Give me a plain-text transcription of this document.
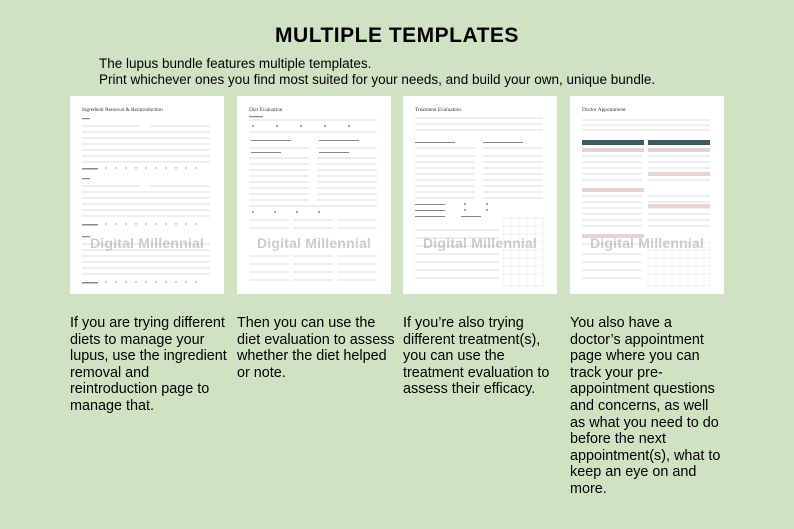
MULTIPLE TEMPLATES
The lupus bundle features multiple templates.
Print whichever ones you find most suited for your needs, and build your own, unique bundle.
Ingredient Removal & Reintroduction
Digital Millennial
Diet Evaluation
Digital Millennial
Treatment Evaluation
Digital Millennial
Doctor Appointment
Digital Millennial
If you are trying different diets to manage your lupus, use the ingredient removal and reintroduction page to manage that.
Then you can use the diet evaluation to assess whether the diet helped or note.
If you’re also trying different treatment(s), you can use the treatment evaluation to assess their efficacy.
You also have a doctor’s appointment page where you can track your pre-appointment questions and concerns, as well as what you need to do before the next appointment(s), what to keep an eye on and more.
